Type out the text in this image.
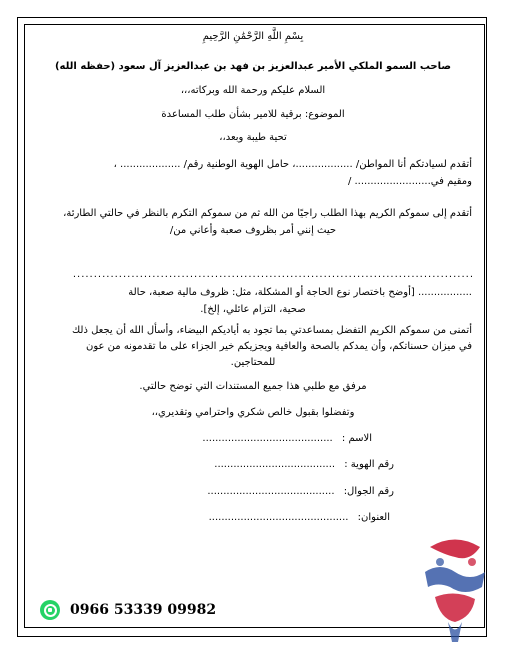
بِسْمِ اللَّهِ الرَّحْمَٰنِ الرَّحِيمِ
صاحب السمو الملكي الأمير عبدالعزيز بن فهد بن عبدالعزيز آل سعود (حفظه الله)
السلام عليكم ورحمة الله وبركاته،،،
الموضوع: برقية للامير بشأن طلب المساعدة
تحية طيبة وبعد،،
أتقدم لسيادتكم أنا المواطن/ ..................، حامل الهوية الوطنية رقم/ ................... ،
ومقيم في........................ /
أتقدم إلى سموكم الكريم بهذا الطلب راجيًا من الله ثم من سموكم التكرم بالنظر في حالتي الطارئة،
حيث إنني أمر بظروف صعبة وأعاني من/
................................................................................................
................. [أوضح باختصار نوع الحاجة أو المشكلة، مثل: ظروف مالية صعبة، حالة
صحية، التزام عائلي، إلخ].
أتمنى من سموكم الكريم التفضل بمساعدتي بما تجود به أياديكم البيضاء، وأسأل الله أن يجعل ذلك
في ميزان حسناتكم، وأن يمدكم بالصحة والعافية ويجزيكم خير الجزاء على ما تقدمونه من عون
للمحتاجين.
مرفق مع طلبي هذا جميع المستندات التي توضح حالتي.
وتفضلوا بقبول خالص شكري واحترامي وتقديري،،
الاسم : .........................................
رقم الهوية : ......................................
رقم الجوال: ........................................
العنوان: ............................................
0966 53339 09982
